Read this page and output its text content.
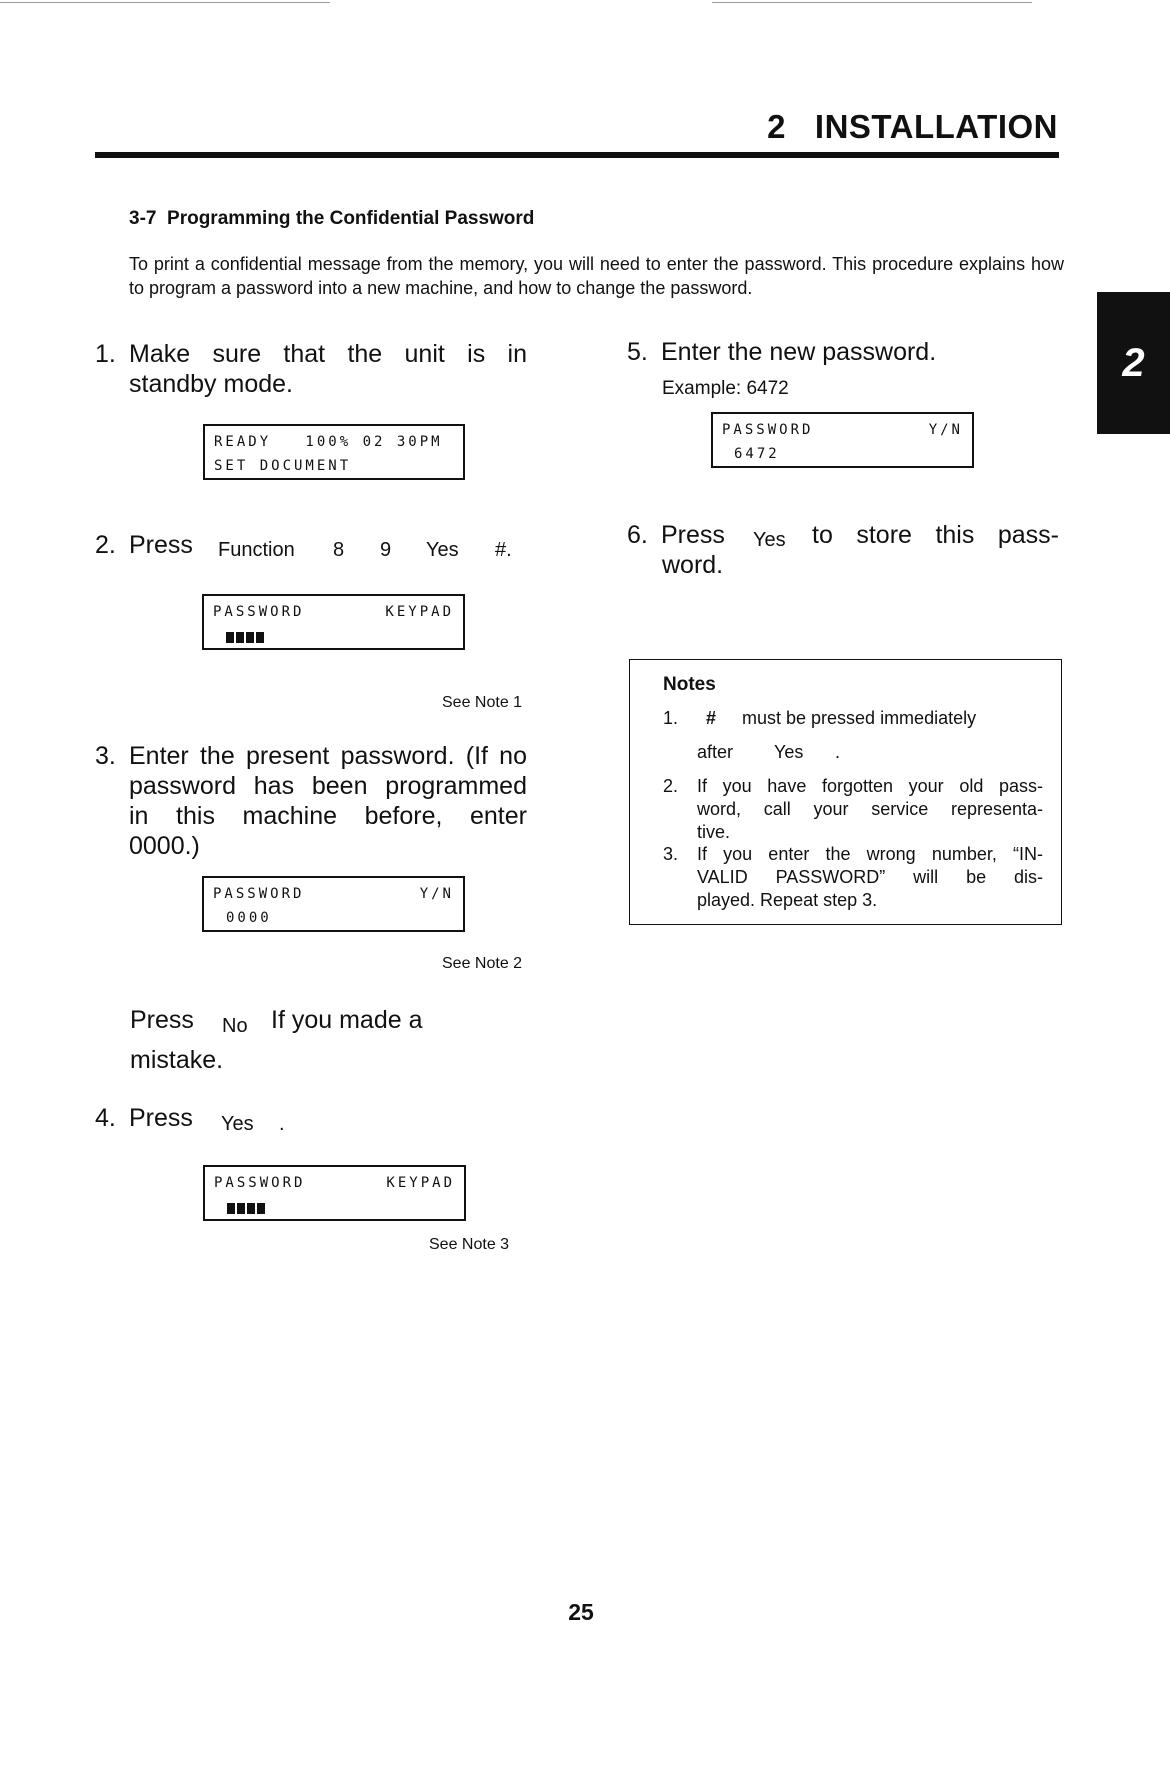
2   INSTALLATION
2
3-7  Programming the Confidential Password
To print a confidential message from the memory, you will need to enter the password. This procedure explains how to program a password into a new machine, and how to change the password.
1. Make sure that the unit is in
standby mode.
READY   100% 02 30PM
SET DOCUMENT
2. Press Function 8 9 Yes #.
PASSWORD	KEYPAD
See Note 1
3. Enter the present password. (If no
password has been programmed
in this machine before, enter
0000.)
PASSWORD	Y/N
0000
See Note 2
Press No If you made a
mistake.
4. Press Yes .
PASSWORD	KEYPAD
See Note 3
5. Enter the new password.
Example: 6472
PASSWORD	Y/N
6472
6. Press Yes to store this pass-
word.
Notes
1. # must be pressed immediately
after Yes .
2. If you have forgotten your old pass-
word, call your service representa-
tive.
3. If you enter the wrong number, “IN-
VALID PASSWORD” will be dis-
played. Repeat step 3.
25
